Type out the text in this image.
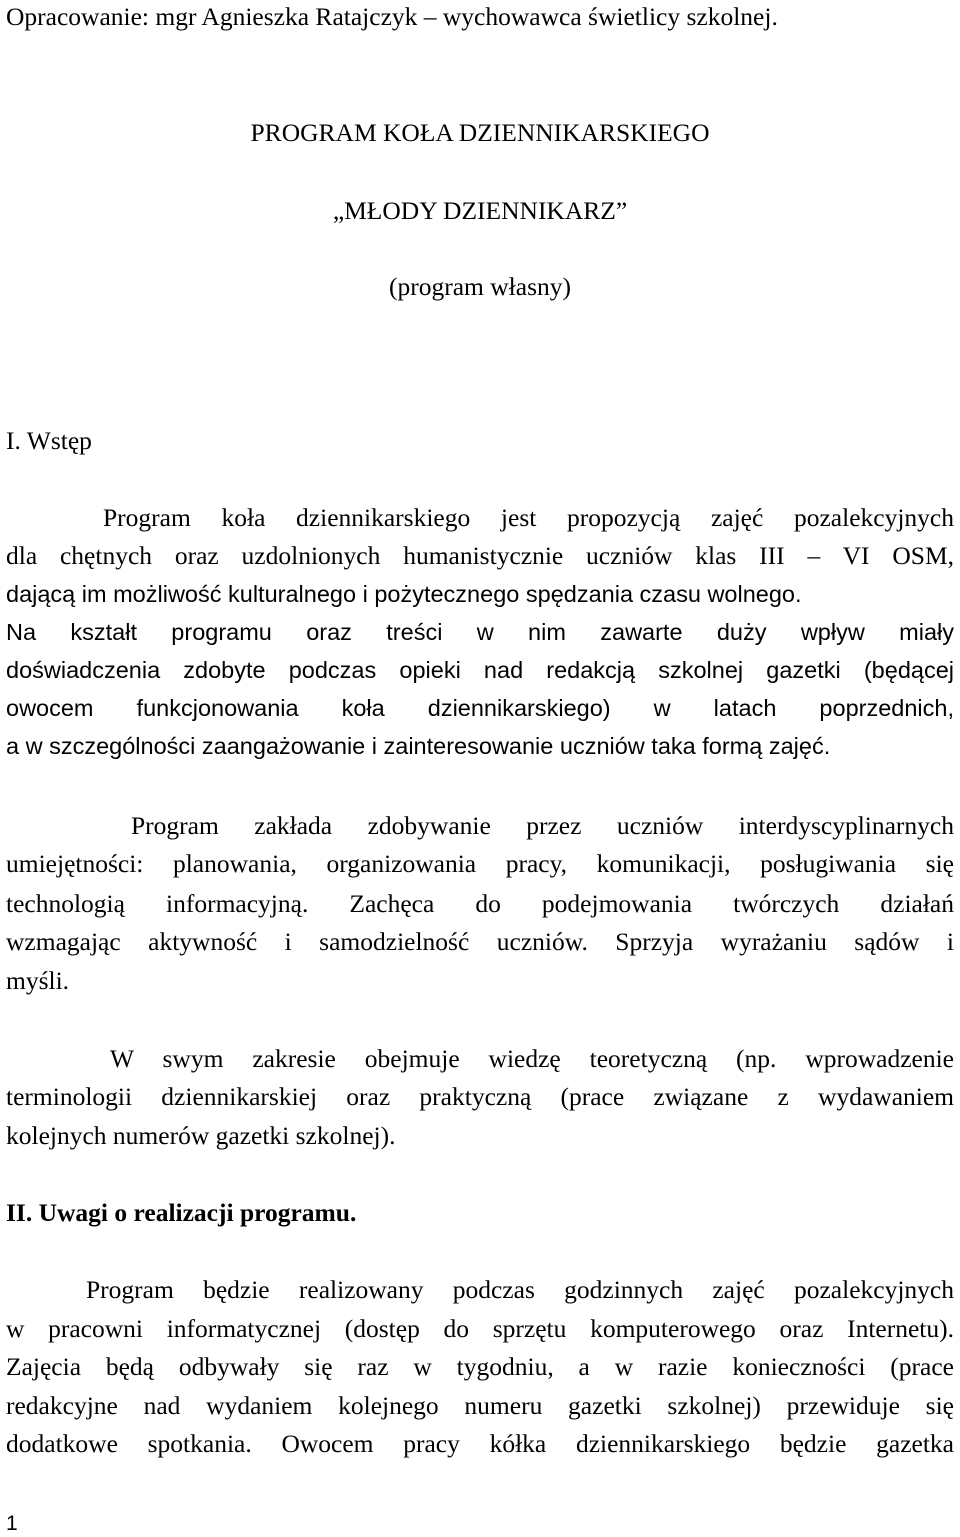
Opracowanie: mgr Agnieszka Ratajczyk – wychowawca świetlicy szkolnej.
PROGRAM KOŁA DZIENNIKARSKIEGO
„MŁODY DZIENNIKARZ”
(program własny)
I. Wstęp
Program koła dziennikarskiego jest propozycją zajęć pozalekcyjnych
dla chętnych oraz uzdolnionych humanistycznie uczniów klas III – VI OSM,
dającą im możliwość kulturalnego i pożytecznego spędzania czasu wolnego.
Na kształt programu oraz treści w nim zawarte duży wpływ miały
doświadczenia zdobyte podczas opieki nad redakcją szkolnej gazetki (będącej
owocem funkcjonowania koła dziennikarskiego) w latach poprzednich,
a w szczególności zaangażowanie i zainteresowanie uczniów taka formą zajęć.
Program zakłada zdobywanie przez uczniów interdyscyplinarnych
umiejętności: planowania, organizowania pracy, komunikacji, posługiwania się
technologią informacyjną. Zachęca do podejmowania twórczych działań
wzmagając aktywność i samodzielność uczniów. Sprzyja wyrażaniu sądów i
myśli.
W swym zakresie obejmuje wiedzę teoretyczną (np. wprowadzenie
terminologii dziennikarskiej oraz praktyczną (prace związane z wydawaniem
kolejnych numerów gazetki szkolnej).
II. Uwagi o realizacji programu.
Program będzie realizowany podczas godzinnych zajęć pozalekcyjnych
w pracowni informatycznej (dostęp do sprzętu komputerowego oraz Internetu).
Zajęcia będą odbywały się raz w tygodniu, a w razie konieczności (prace
redakcyjne nad wydaniem kolejnego numeru gazetki szkolnej) przewiduje się
dodatkowe spotkania. Owocem pracy kółka dziennikarskiego będzie gazetka
1
